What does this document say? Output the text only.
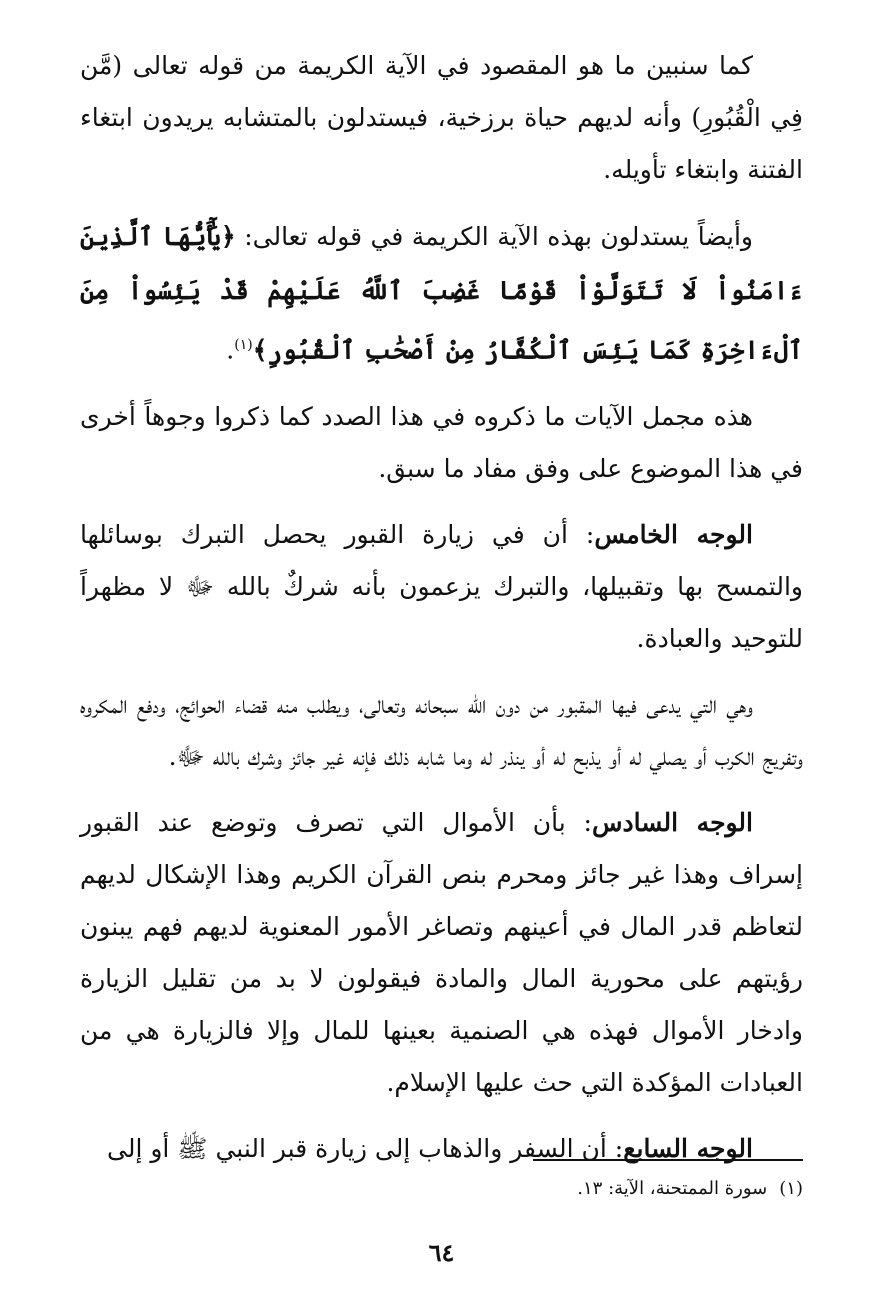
كما سنبين ما هو المقصود في الآية الكريمة من قوله تعالى (مَّن فِي الْقُبُورِ) وأنه لديهم حياة برزخية، فيستدلون بالمتشابه يريدون ابتغاء الفتنة وابتغاء تأويله.

وأيضاً يستدلون بهذه الآية الكريمة في قوله تعالى: ﴿يَٰٓأَيُّهَا ٱلَّذِينَ ءَامَنُواْ لَا تَتَوَلَّوْاْ قَوْمًا غَضِبَ ٱللَّهُ عَلَيْهِمْ قَدْ يَئِسُواْ مِنَ ٱلْءَاخِرَةِ كَمَا يَئِسَ ٱلْكُفَّارُ مِنْ أَصْحَٰبِ ٱلْقُبُورِ﴾$^{(١)}$.

هذه مجمل الآيات ما ذكروه في هذا الصدد كما ذكروا وجوهاً أخرى في هذا الموضوع على وفق مفاد ما سبق.

الوجه الخامس: أن في زيارة القبور يحصل التبرك بوسائلها والتمسح بها وتقبيلها، والتبرك يزعمون بأنه شركٌ بالله ﷻ لا مظهراً للتوحيد والعبادة.

وهي التي يدعى فيها المقبور من دون الله سبحانه وتعالى، ويطلب منه قضاء الحوائج، ودفع المكروه وتفريج الكرب أو يصلي له أو يذبح له أو ينذر له وما شابه ذلك فإنه غير جائز وشرك بالله ﷻ.

الوجه السادس: بأن الأموال التي تصرف وتوضع عند القبور إسراف وهذا غير جائز ومحرم بنص القرآن الكريم وهذا الإشكال لديهم لتعاظم قدر المال في أعينهم وتصاغر الأمور المعنوية لديهم فهم يبنون رؤيتهم على محورية المال والمادة فيقولون لا بد من تقليل الزيارة وادخار الأموال فهذه هي الصنمية بعينها للمال وإلا فالزيارة هي من العبادات المؤكدة التي حث عليها الإسلام.

الوجه السابع: أن السفر والذهاب إلى زيارة قبر النبي ﷺ أو إلى

(١)سورة الممتحنة، الآية: ١٣.
٦٤
